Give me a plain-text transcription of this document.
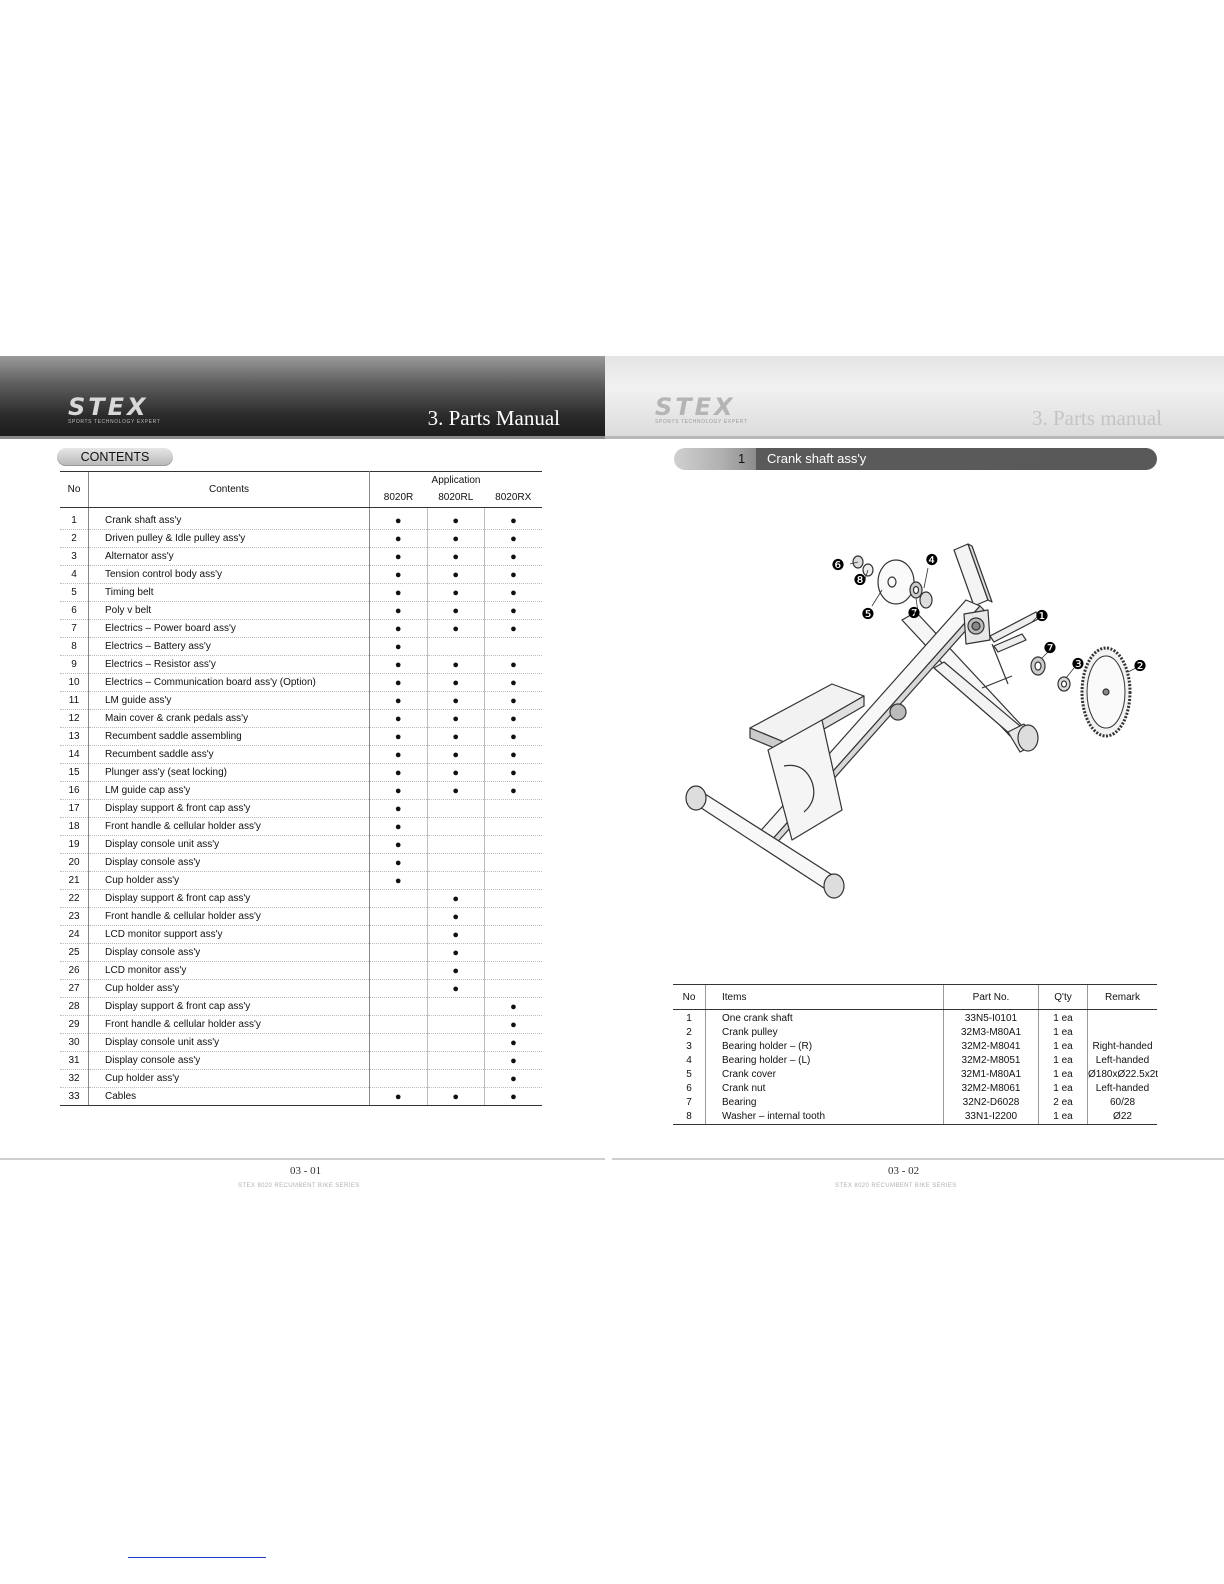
STEX
SPORTS TECHNOLOGY EXPERT	3. Parts Manual	STEX
SPORTS TECHNOLOGY EXPERT	3. Parts manual
CONTENTS
No	Contents	Application		
		8020R	8020RL	8020RX
1	Crank shaft ass'y	●	●	●
2	Driven pulley & Idle pulley ass'y	●	●	●
3	Alternator ass'y	●	●	●
4	Tension control body ass'y	●	●	●
5	Timing belt	●	●	●
6	Poly v belt	●	●	●
7	Electrics – Power board ass'y	●	●	●
8	Electrics – Battery ass'y	●		
9	Electrics – Resistor ass'y	●	●	●
10	Electrics – Communication board ass'y (Option)	●	●	●
11	LM guide ass'y	●	●	●
12	Main cover & crank pedals ass'y	●	●	●
13	Recumbent saddle assembling	●	●	●
14	Recumbent saddle ass'y	●	●	●
15	Plunger ass'y (seat locking)	●	●	●
16	LM guide cap ass'y	●	●	●
17	Display support & front cap ass'y	●		
18	Front handle & cellular holder ass'y	●		
19	Display console unit ass'y	●		
20	Display console ass'y	●		
21	Cup holder ass'y	●		
22	Display support & front cap ass'y		●	
23	Front handle & cellular holder ass'y		●	
24	LCD monitor support ass'y		●	
25	Display console ass'y		●	
26	LCD monitor ass'y		●	
27	Cup holder ass'y		●	
28	Display support & front cap ass'y			●
29	Front handle & cellular holder ass'y			●
30	Display console unit ass'y			●
31	Display console ass'y			●
32	Cup holder ass'y			●
33	Cables	●	●	●
1 Crank shaft ass'y
❶
❷
❸
❹
❺
❻
❼
❼
❽
No	Items	Part No.	Q'ty	Remark
1	One crank shaft	33N5-I0101	1 ea	
2	Crank pulley	32M3-M80A1	1 ea	
3	Bearing holder – (R)	32M2-M8041	1 ea	Right-handed
4	Bearing holder – (L)	32M2-M8051	1 ea	Left-handed
5	Crank cover	32M1-M80A1	1 ea	Ø180xØ22.5x2t
6	Crank nut	32M2-M8061	1 ea	Left-handed
7	Bearing	32N2-D6028	2 ea	60/28
8	Washer – internal tooth	33N1-I2200	1 ea	Ø22
03 - 01
STEX 8020 RECUMBENT BIKE SERIES
03 - 02
STEX 8020 RECUMBENT BIKE SERIES
